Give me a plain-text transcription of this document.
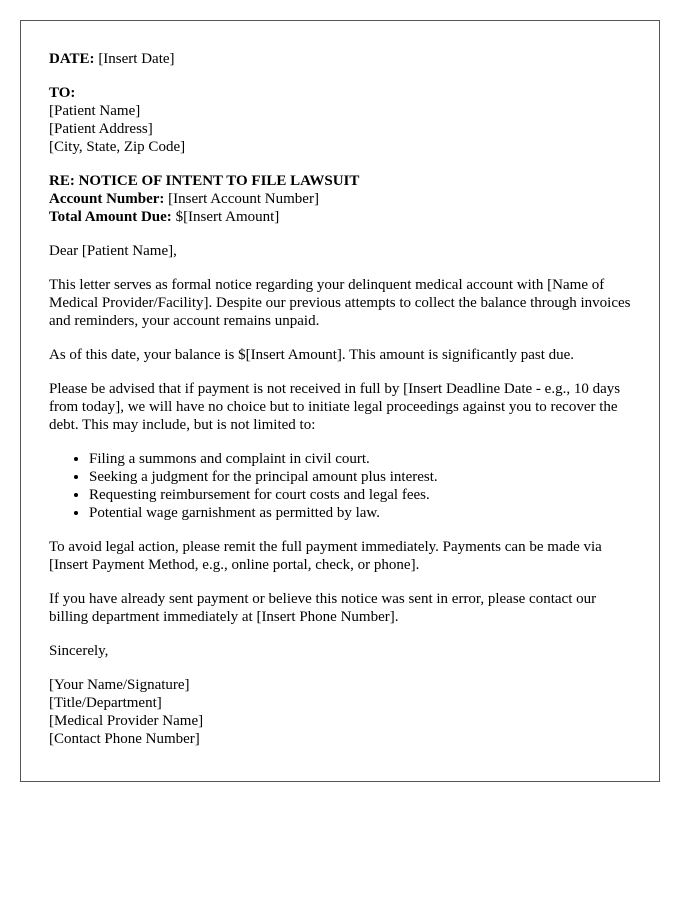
DATE: [Insert Date]
TO:
[Patient Name]
[Patient Address]
[City, State, Zip Code]
RE: NOTICE OF INTENT TO FILE LAWSUIT
Account Number: [Insert Account Number]
Total Amount Due: $[Insert Amount]

Dear [Patient Name],

This letter serves as formal notice regarding your delinquent medical account with [Name of Medical Provider/Facility]. Despite our previous attempts to collect the balance through invoices and reminders, your account remains unpaid.

As of this date, your balance is $[Insert Amount]. This amount is significantly past due.

Please be advised that if payment is not received in full by [Insert Deadline Date - e.g., 10 days from today], we will have no choice but to initiate legal proceedings against you to recover the debt. This may include, but is not limited to:

• Filing a summons and complaint in civil court.
• Seeking a judgment for the principal amount plus interest.
• Requesting reimbursement for court costs and legal fees.
• Potential wage garnishment as permitted by law.

To avoid legal action, please remit the full payment immediately. Payments can be made via [Insert Payment Method, e.g., online portal, check, or phone].

If you have already sent payment or believe this notice was sent in error, please contact our billing department immediately at [Insert Phone Number].

Sincerely,

[Your Name/Signature]
[Title/Department]
[Medical Provider Name]
[Contact Phone Number]
